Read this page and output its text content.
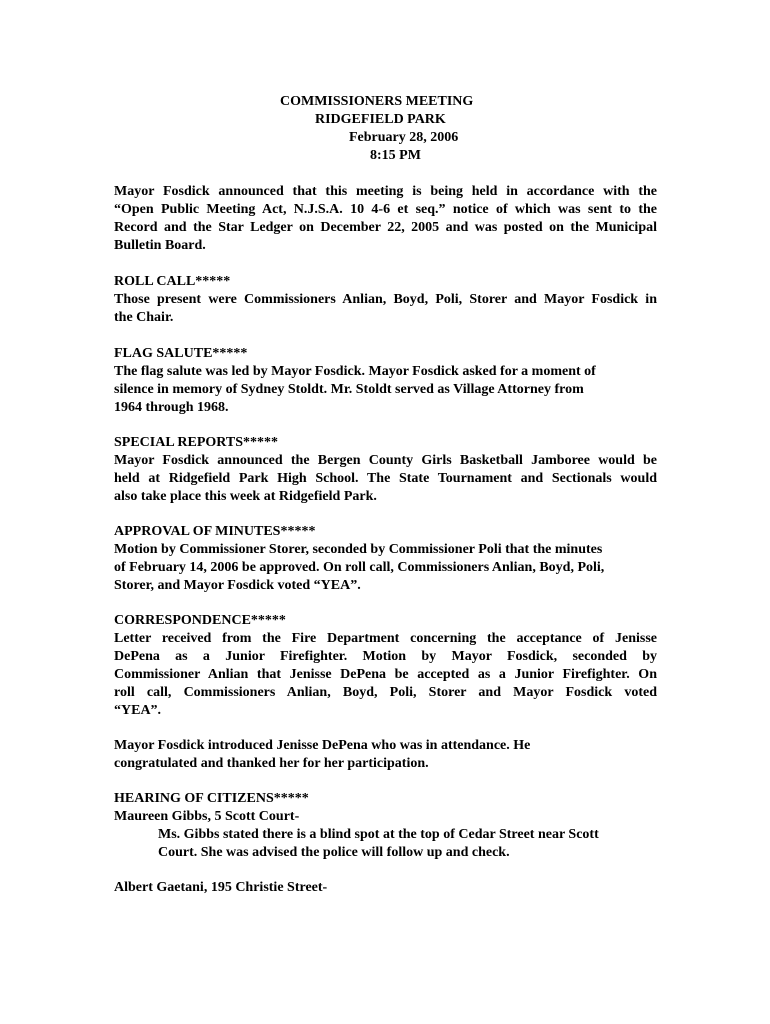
COMMISSIONERS MEETING

RIDGEFIELD PARK

February 28, 2006

8:15 PM

Mayor Fosdick announced that this meeting is being held in accordance with the

“Open Public Meeting Act, N.J.S.A. 10 4-6 et seq.” notice of which was sent to the

Record and the Star Ledger on December 22, 2005 and was posted on the Municipal

Bulletin Board.

ROLL CALL*****

Those present were Commissioners Anlian, Boyd, Poli, Storer and Mayor Fosdick in

the Chair.

FLAG SALUTE*****

The flag salute was led by Mayor Fosdick. Mayor Fosdick asked for a moment of

silence in memory of Sydney Stoldt. Mr. Stoldt served as Village Attorney from

1964 through 1968.

SPECIAL REPORTS*****

Mayor Fosdick announced the Bergen County Girls Basketball Jamboree would be

held at Ridgefield Park High School. The State Tournament and Sectionals would

also take place this week at Ridgefield Park.

APPROVAL OF MINUTES*****

Motion by Commissioner Storer, seconded by Commissioner Poli that the minutes

of February 14, 2006 be approved. On roll call, Commissioners Anlian, Boyd, Poli,

Storer, and Mayor Fosdick voted “YEA”.

CORRESPONDENCE*****

Letter received from the Fire Department concerning the acceptance of Jenisse

DePena as a Junior Firefighter. Motion by Mayor Fosdick, seconded by

Commissioner Anlian that Jenisse DePena be accepted as a Junior Firefighter. On

roll call, Commissioners Anlian, Boyd, Poli, Storer and Mayor Fosdick voted

“YEA”.

Mayor Fosdick introduced Jenisse DePena who was in attendance. He

congratulated and thanked her for her participation.

HEARING OF CITIZENS*****

Maureen Gibbs, 5 Scott Court-

Ms. Gibbs stated there is a blind spot at the top of Cedar Street near Scott

Court. She was advised the police will follow up and check.

Albert Gaetani, 195 Christie Street-
